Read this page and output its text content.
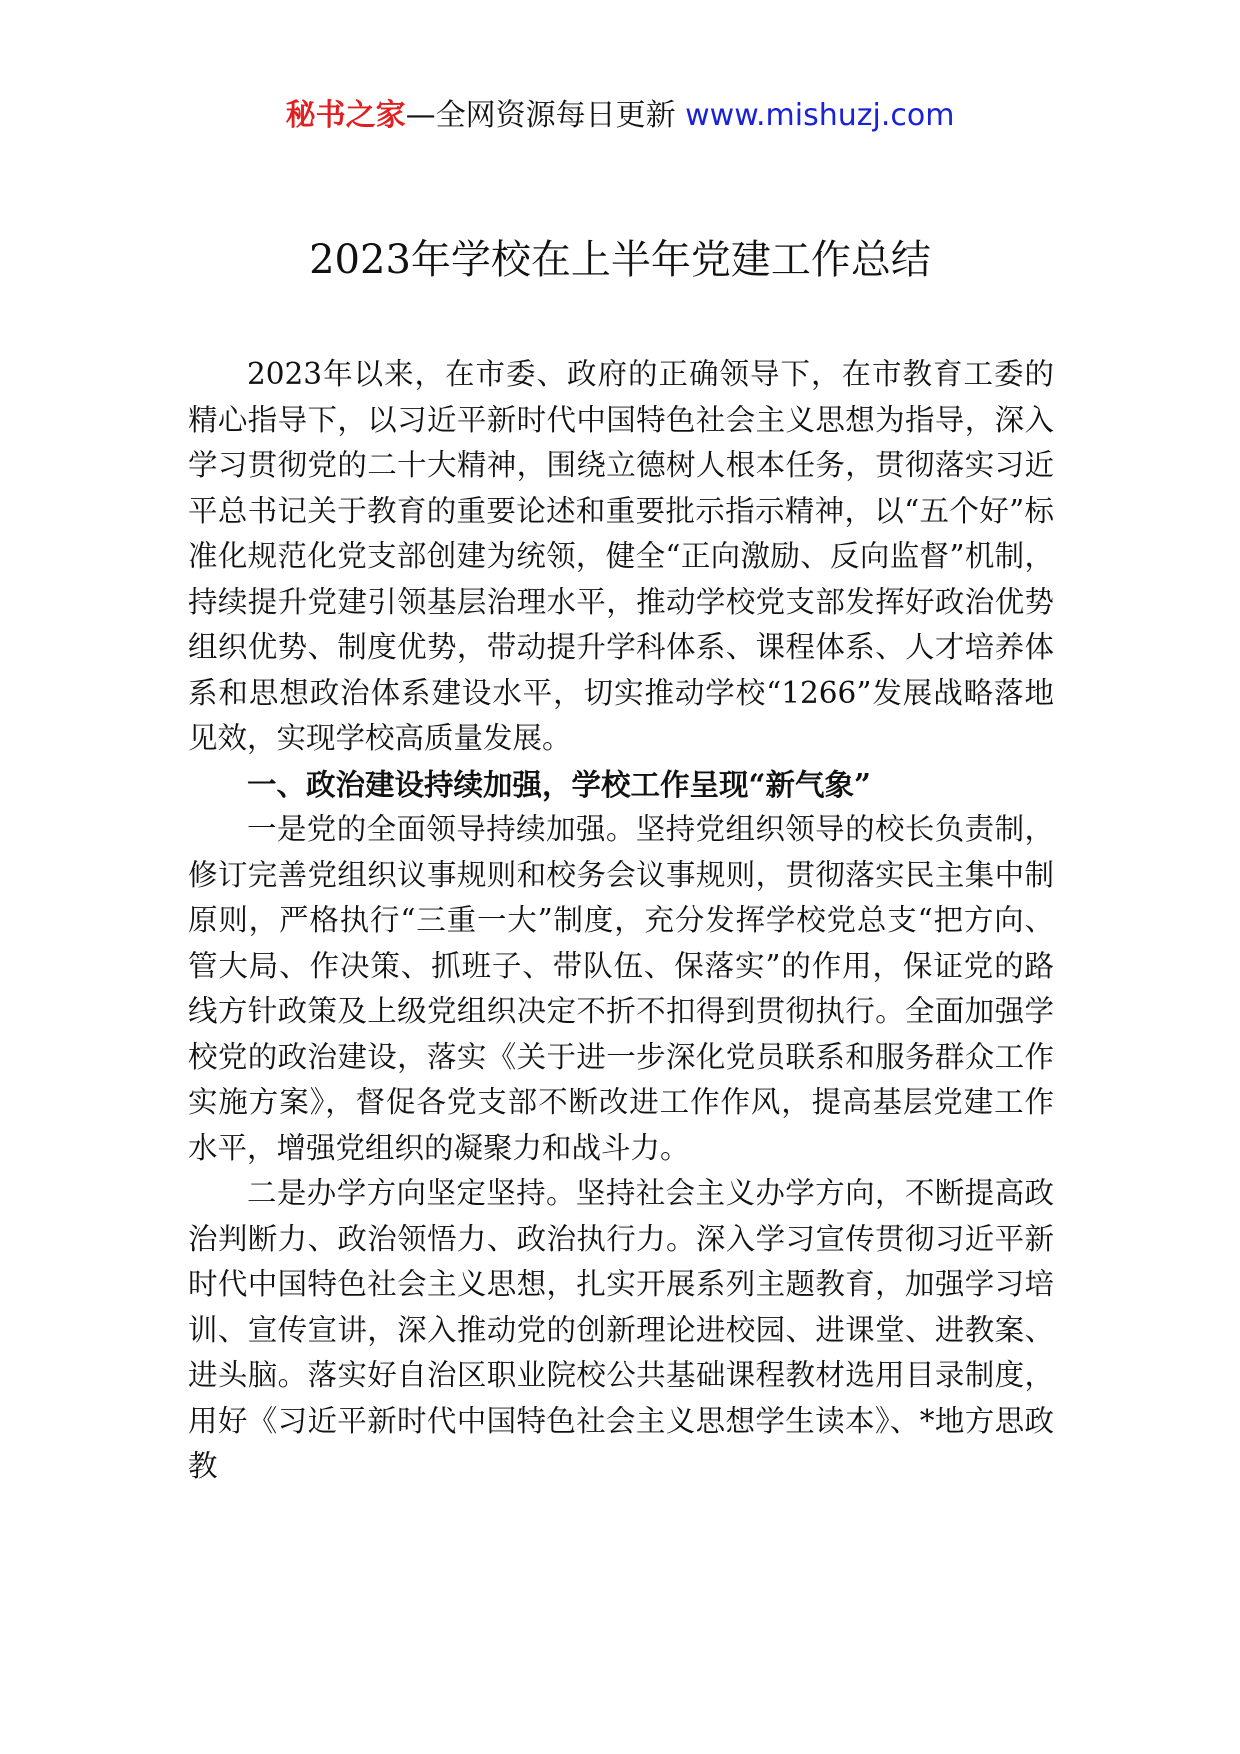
秘书之家—全网资源每日更新 www.mishuzj.com
2023年学校在上半年党建工作总结

2023年以来，在市委、政府的正确领导下，在市教育工委的精心指导下，以习近平新时代中国特色社会主义思想为指导，深入学习贯彻党的二十大精神，围绕立德树人根本任务，贯彻落实习近平总书记关于教育的重要论述和重要批示指示精神，以“五个好”标准化规范化党支部创建为统领，健全“正向激励、反向监督”机制，持续提升党建引领基层治理水平，推动学校党支部发挥好政治优势组织优势、制度优势，带动提升学科体系、课程体系、人才培养体系和思想政治体系建设水平，切实推动学校“1266”发展战略落地见效，实现学校高质量发展。

一、政治建设持续加强，学校工作呈现“新气象”

一是党的全面领导持续加强。坚持党组织领导的校长负责制，修订完善党组织议事规则和校务会议事规则，贯彻落实民主集中制原则，严格执行“三重一大”制度，充分发挥学校党总支“把方向、管大局、作决策、抓班子、带队伍、保落实”的作用，保证党的路线方针政策及上级党组织决定不折不扣得到贯彻执行。全面加强学校党的政治建设，落实《关于进一步深化党员联系和服务群众工作实施方案》，督促各党支部不断改进工作作风，提高基层党建工作水平，增强党组织的凝聚力和战斗力。

二是办学方向坚定坚持。坚持社会主义办学方向，不断提高政治判断力、政治领悟力、政治执行力。深入学习宣传贯彻习近平新时代中国特色社会主义思想，扎实开展系列主题教育，加强学习培训、宣传宣讲，深入推动党的创新理论进校园、进课堂、进教案、进头脑。落实好自治区职业院校公共基础课程教材选用目录制度，用好《习近平新时代中国特色社会主义思想学生读本》、*地方思政教
